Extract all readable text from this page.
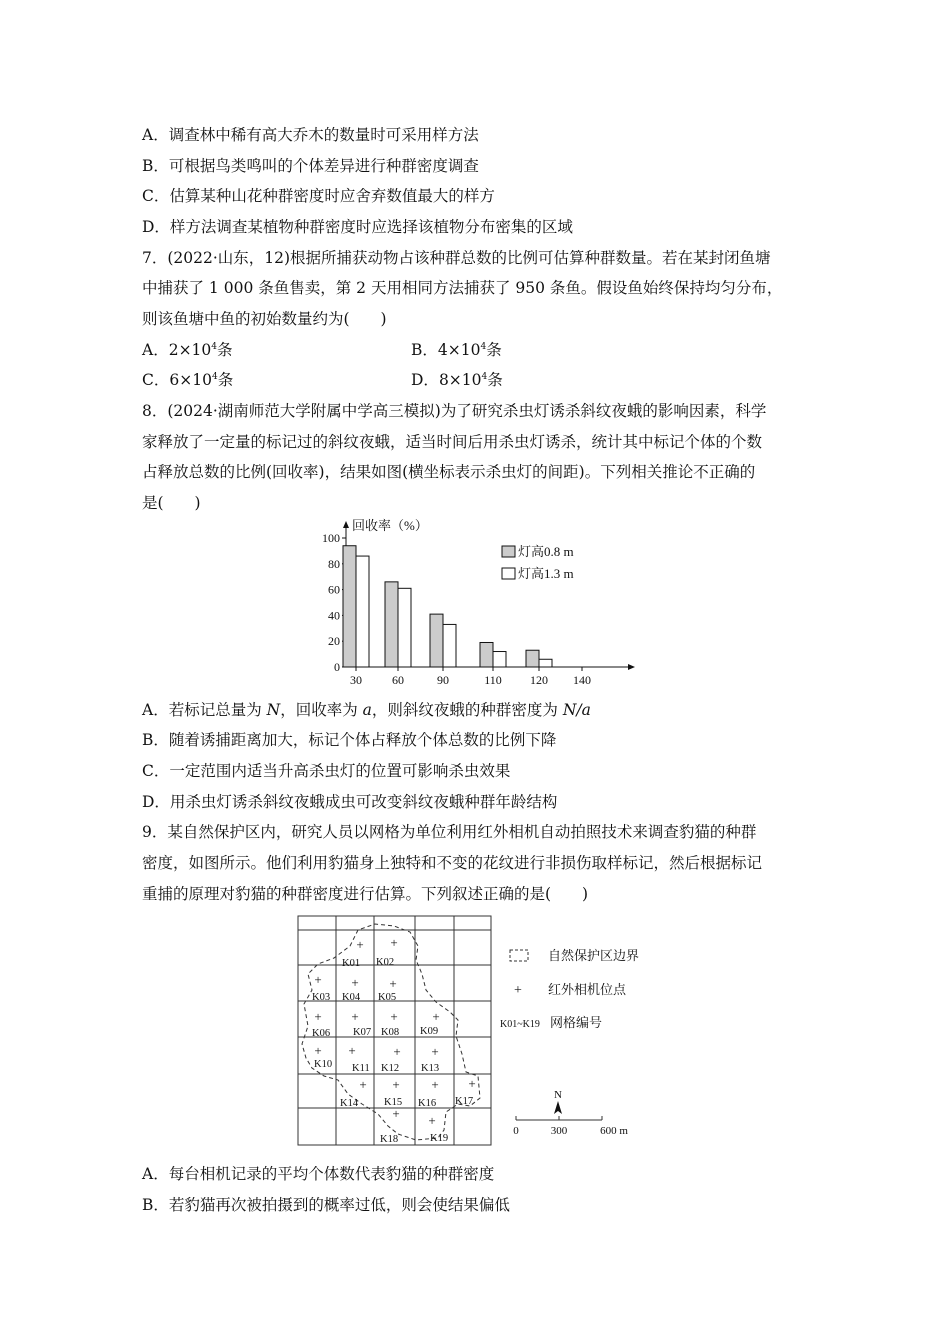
A．调查林中稀有高大乔木的数量时可采用样方法
B．可根据鸟类鸣叫的个体差异进行种群密度调查
C．估算某种山花种群密度时应舍弃数值最大的样方
D．样方法调查某植物种群密度时应选择该植物分布密集的区域
7．(2022·山东，12)根据所捕获动物占该种群总数的比例可估算种群数量。若在某封闭鱼塘
中捕获了 1 000 条鱼售卖，第 2 天用相同方法捕获了 950 条鱼。假设鱼始终保持均匀分布，
则该鱼塘中鱼的初始数量约为(　　)
A．$2\times 10^4$条	B．$4\times 10^4$条
C．$6\times 10^4$条	D．$8\times 10^4$条
8．(2024·湖南师范大学附属中学高三模拟)为了研究杀虫灯诱杀斜纹夜蛾的影响因素，科学
家释放了一定量的标记过的斜纹夜蛾，适当时间后用杀虫灯诱杀，统计其中标记个体的个数
占释放总数的比例(回收率)，结果如图(横坐标表示杀虫灯的间距)。下列相关推论不正确的
是(　　)
回收率（%）
0
20
40
60
80
100
30	60	90	110 120 140
灯高0.8 m
灯高1.3 m
A．若标记总量为 N，回收率为 a，则斜纹夜蛾的种群密度为 N/a
B．随着诱捕距离加大，标记个体占释放个体总数的比例下降
C．一定范围内适当升高杀虫灯的位置可影响杀虫效果
D．用杀虫灯诱杀斜纹夜蛾成虫可改变斜纹夜蛾种群年龄结构
9．某自然保护区内，研究人员以网格为单位利用红外相机自动拍照技术来调查豹猫的种群
密度，如图所示。他们利用豹猫身上独特和不变的花纹进行非损伤取样标记，然后根据标记
重捕的原理对豹猫的种群密度进行估算。下列叙述正确的是(　　)
+
K01
+
K02
+
K03
+
K04
+
K05
+
K06
+
K07
+
K08
+
K09
+
K10
+
K11
+
K12
+
K13
+
K14
+
K15
+
K16
+
K17
+
K18
+
K19
自然保护区边界
+ 红外相机位点
K01~K19 网格编号
N
0	300	600 m
A．每台相机记录的平均个体数代表豹猫的种群密度
B．若豹猫再次被拍摄到的概率过低，则会使结果偏低
